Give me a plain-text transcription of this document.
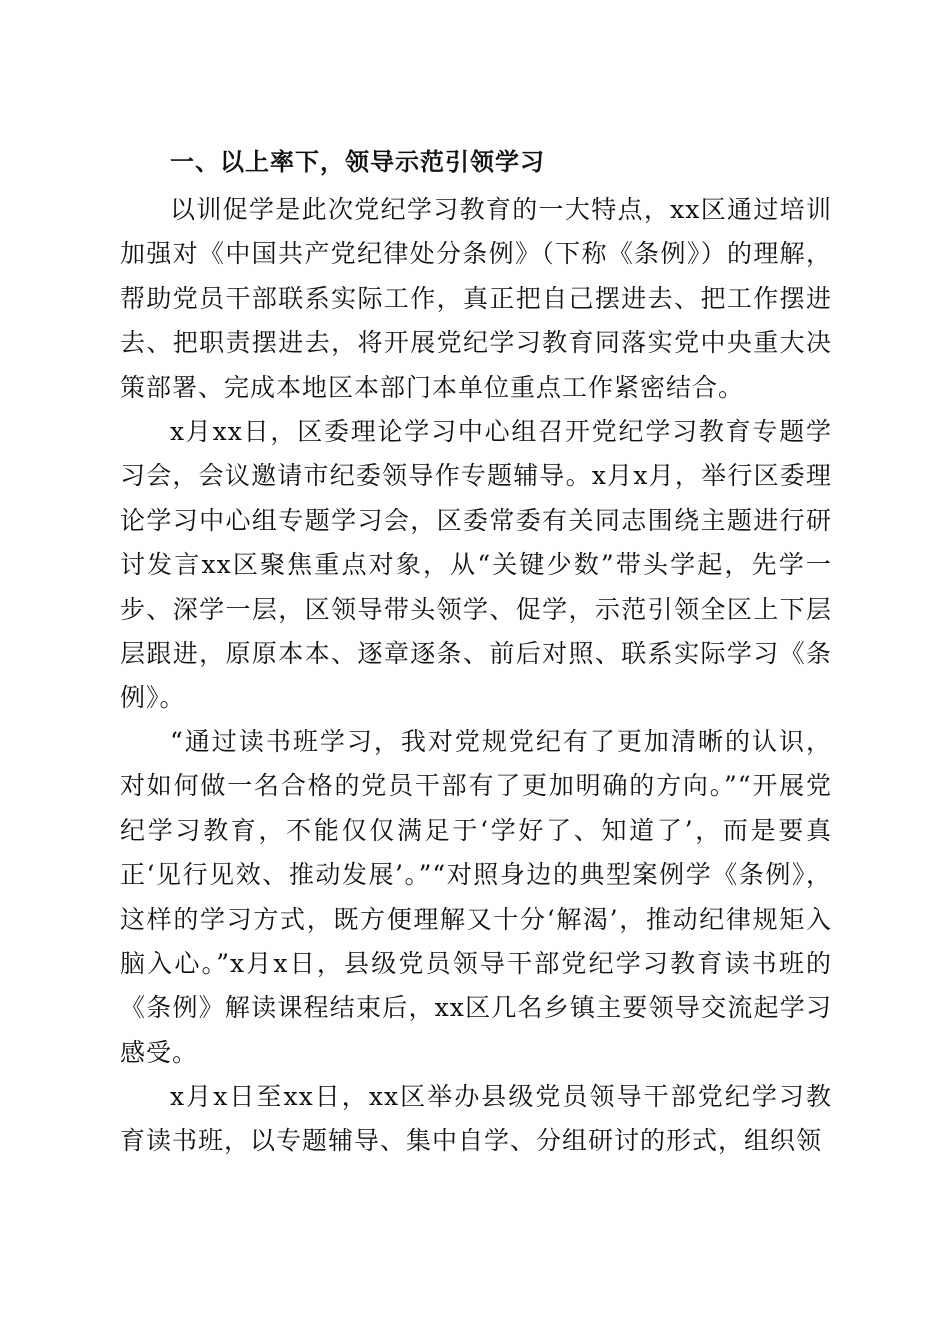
一、以上率下，领导示范引领学习

以训促学是此次党纪学习教育的一大特点，xx区通过培训加强对《中国共产党纪律处分条例》（下称《条例》）的理解，帮助党员干部联系实际工作，真正把自己摆进去、把工作摆进去、把职责摆进去，将开展党纪学习教育同落实党中央重大决策部署、完成本地区本部门本单位重点工作紧密结合。

x月xx日，区委理论学习中心组召开党纪学习教育专题学习会，会议邀请市纪委领导作专题辅导。x月x月，举行区委理论学习中心组专题学习会，区委常委有关同志围绕主题进行研讨发言xx区聚焦重点对象，从“关键少数”带头学起，先学一步、深学一层，区领导带头领学、促学，示范引领全区上下层层跟进，原原本本、逐章逐条、前后对照、联系实际学习《条例》。

“通过读书班学习，我对党规党纪有了更加清晰的认识，对如何做一名合格的党员干部有了更加明确的方向。”“开展党纪学习教育，不能仅仅满足于‘学好了、知道了’，而是要真正‘见行见效、推动发展’。”“对照身边的典型案例学《条例》，这样的学习方式，既方便理解又十分‘解渴’，推动纪律规矩入脑入心。”x月x日，县级党员领导干部党纪学习教育读书班的《条例》解读课程结束后，xx区几名乡镇主要领导交流起学习感受。

x月x日至xx日，xx区举办县级党员领导干部党纪学习教育读书班，以专题辅导、集中自学、分组研讨的形式，组织领
